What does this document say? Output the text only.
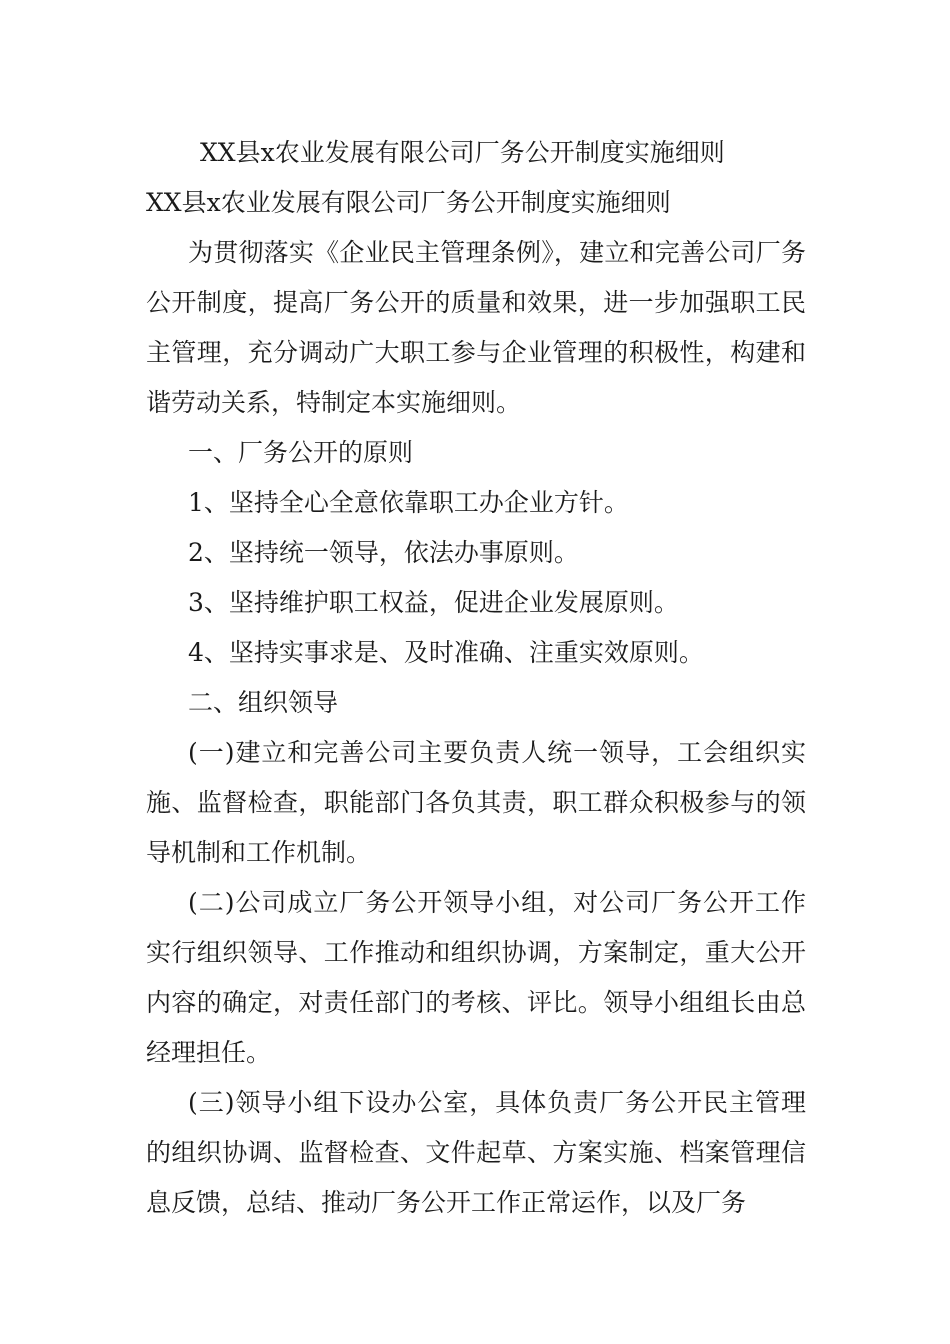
XX县x农业发展有限公司厂务公开制度实施细则

XX县x农业发展有限公司厂务公开制度实施细则

为贯彻落实《企业民主管理条例》，建立和完善公司厂务公开制度，提高厂务公开的质量和效果，进一步加强职工民主管理，充分调动广大职工参与企业管理的积极性，构建和谐劳动关系，特制定本实施细则。

一、厂务公开的原则

1、坚持全心全意依靠职工办企业方针。

2、坚持统一领导，依法办事原则。

3、坚持维护职工权益，促进企业发展原则。

4、坚持实事求是、及时准确、注重实效原则。

二、组织领导

(一)建立和完善公司主要负责人统一领导，工会组织实施、监督检查，职能部门各负其责，职工群众积极参与的领导机制和工作机制。

(二)公司成立厂务公开领导小组，对公司厂务公开工作实行组织领导、工作推动和组织协调，方案制定，重大公开内容的确定，对责任部门的考核、评比。领导小组组长由总经理担任。

(三)领导小组下设办公室，具体负责厂务公开民主管理的组织协调、监督检查、文件起草、方案实施、档案管理信息反馈，总结、推动厂务公开工作正常运作，以及厂务
